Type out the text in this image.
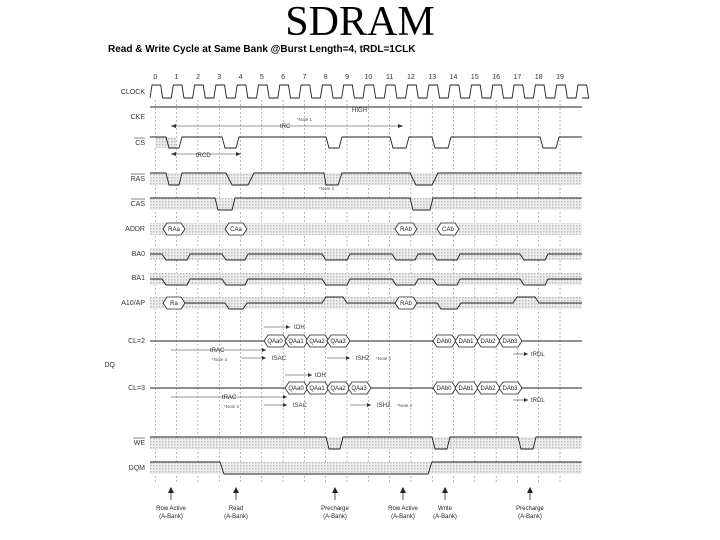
SDRAM
Read & Write Cycle at Same Bank @Burst Length=4, tRDL=1CLK
0 1 2 3 4 5 6 7 8 9 10 11 12 13 14 15 16 17 18 19
CLOCK
CKE
CS
RAS
CAS
ADDR
BA0
BA1
A10/AP
CL=2
DQ
CL=3
WE
DQM
HIGH
tRC
*Note 1
tRCD
*Note 3
RAa	CAa	RAb	CAb
Ra	RAb
QAa0 QAa1 QAa2 QAa3	DAb0 DAb1 DAb2 DAb3
tOH
tRAC
*Note 3	tSAC	tSHZ *Note 4
tRDL
QAa0 QAa1 QAa2 QAa3	DAb0 DAb1 DAb2 DAb3
tOH
tRAC
*Note 3	tSAC	tSHZ *Note 4
tRDL
Row Active
(A-Bank)
Read
(A-Bank)
Precharge
(A-Bank)
Row Active
(A-Bank)
Write
(A-Bank)
Precharge
(A-Bank)
